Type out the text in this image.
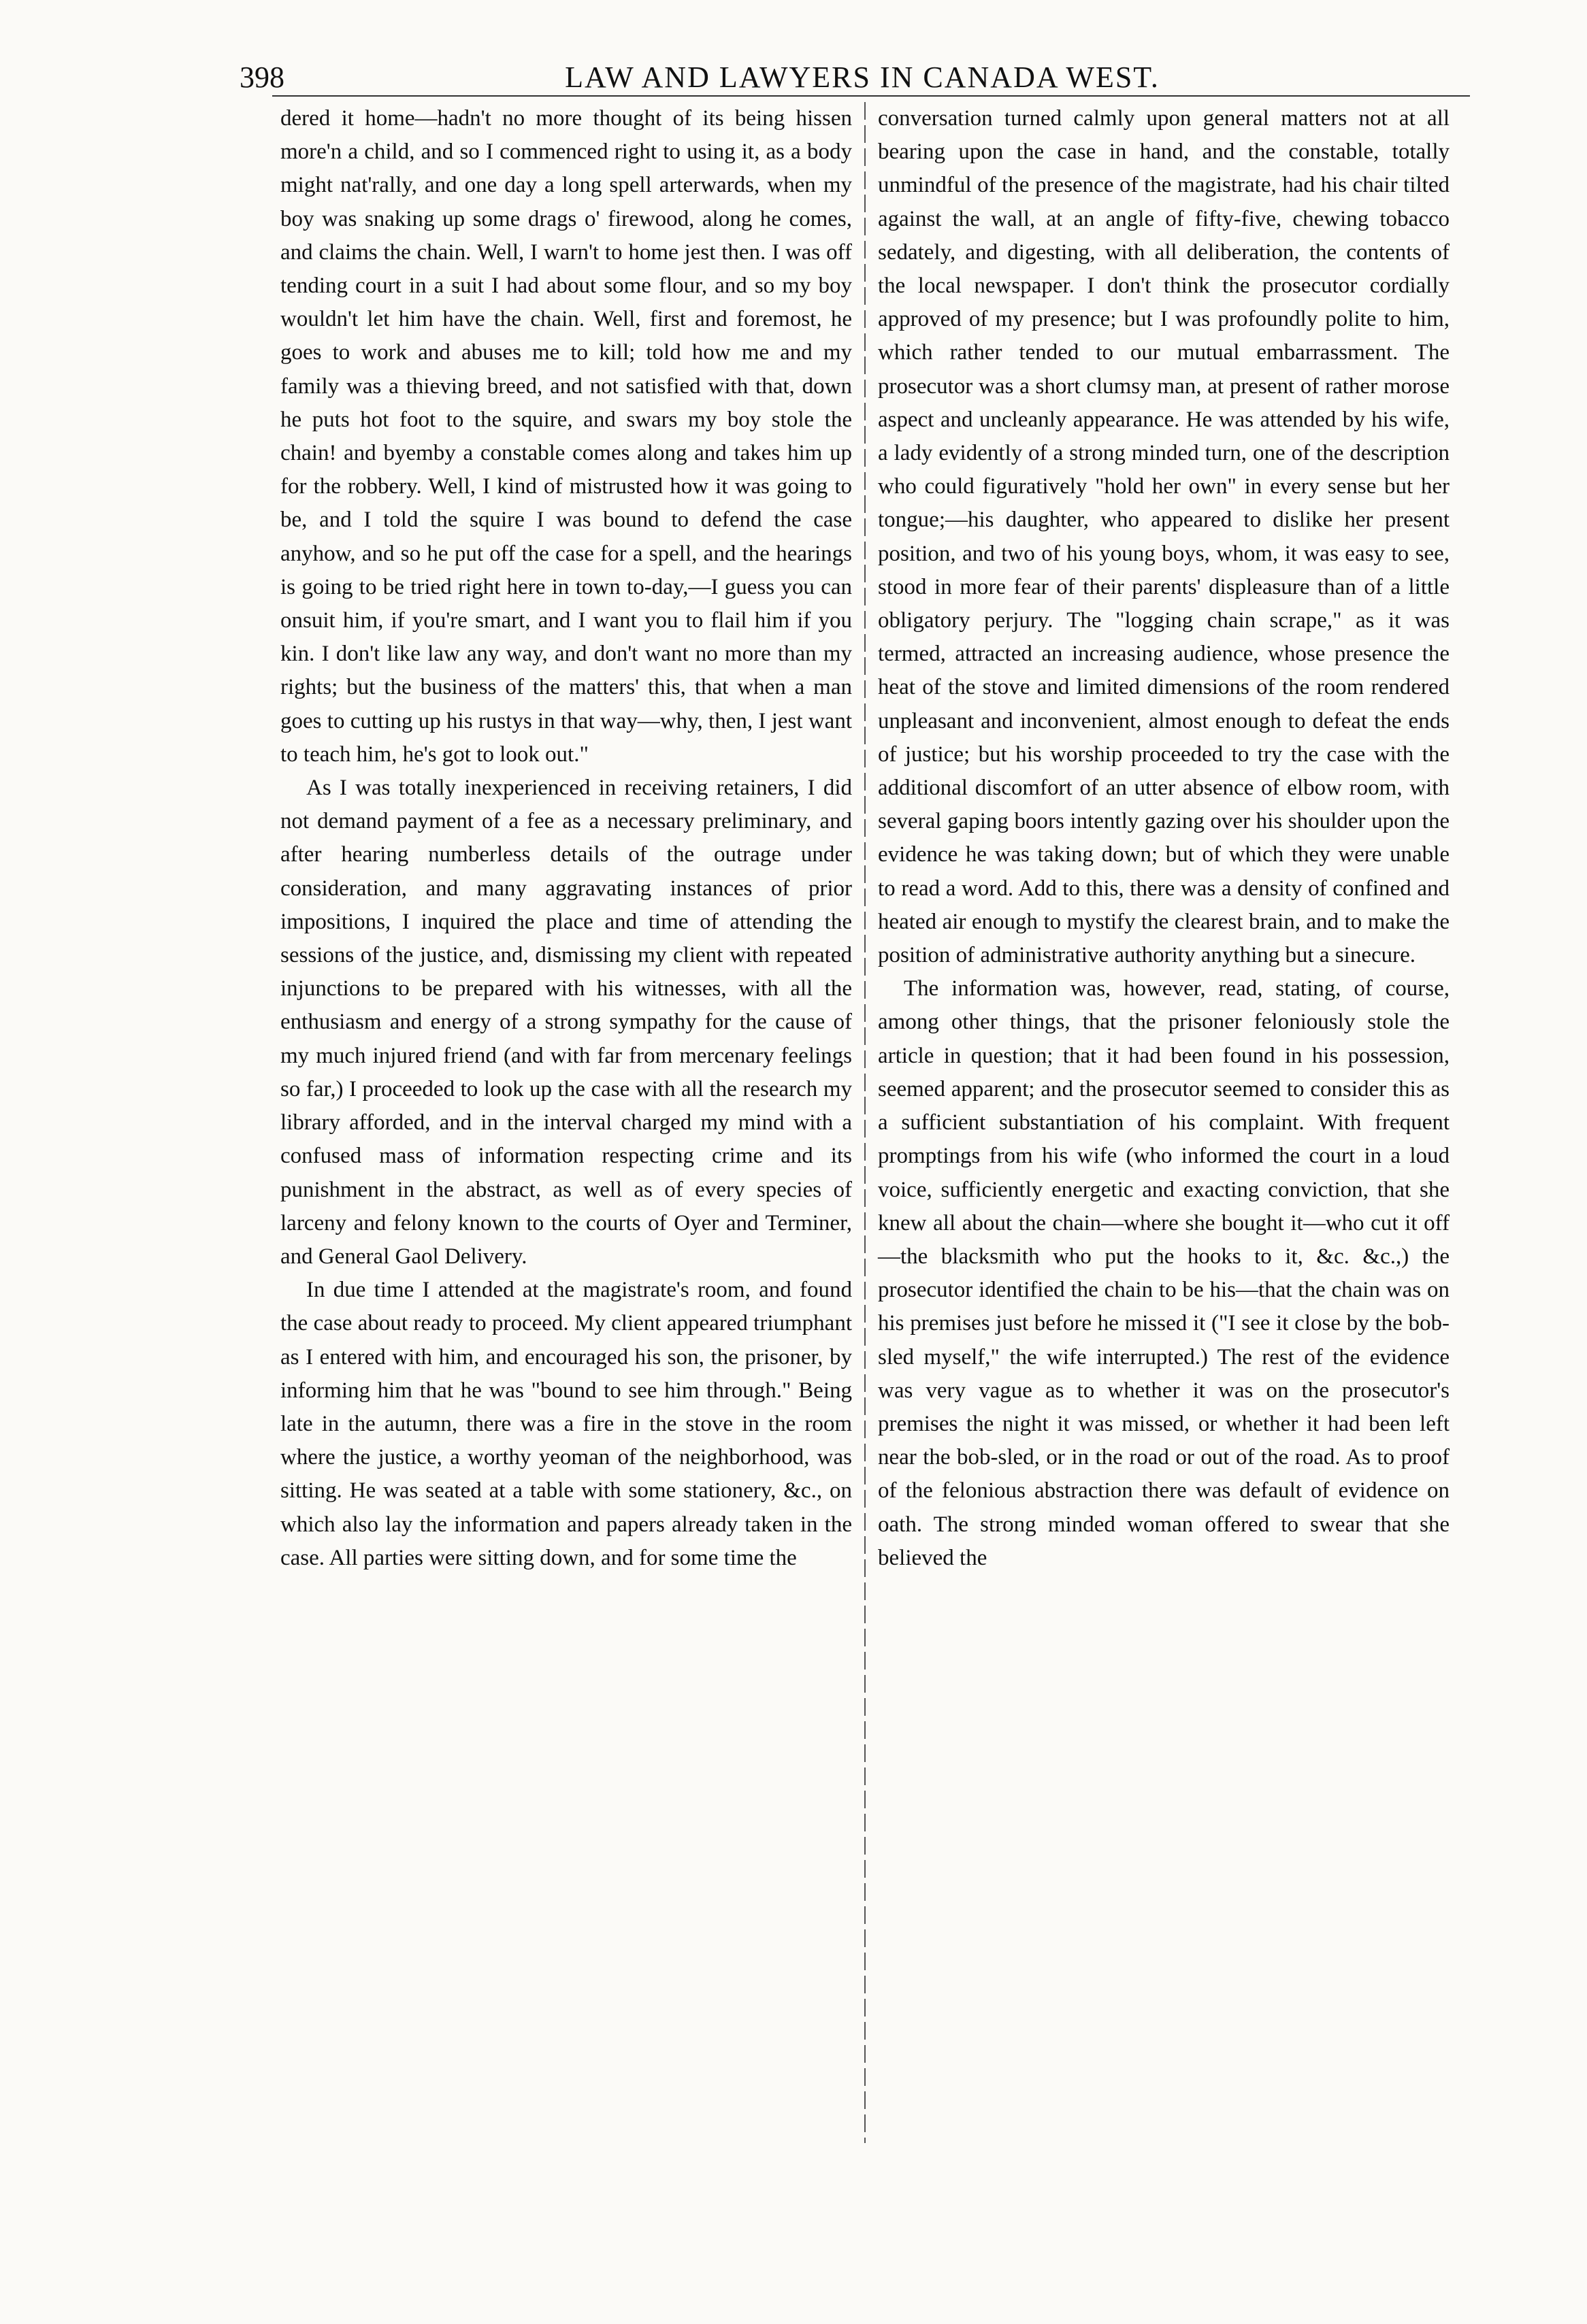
398	LAW AND LAWYERS IN CANADA WEST.

dered it home—hadn't no more thought of its being hissen more'n a child, and so I commenced right to using it, as a body might nat'rally, and one day a long spell arterwards, when my boy was snaking up some drags o' firewood, along he comes, and claims the chain. Well, I warn't to home jest then. I was off tending court in a suit I had about some flour, and so my boy wouldn't let him have the chain. Well, first and foremost, he goes to work and abuses me to kill; told how me and my family was a thieving breed, and not satisfied with that, down he puts hot foot to the squire, and swars my boy stole the chain! and byemby a constable comes along and takes him up for the robbery. Well, I kind of mistrusted how it was going to be, and I told the squire I was bound to defend the case anyhow, and so he put off the case for a spell, and the hearings is going to be tried right here in town to-day,—I guess you can onsuit him, if you're smart, and I want you to flail him if you kin. I don't like law any way, and don't want no more than my rights; but the business of the matters' this, that when a man goes to cutting up his rustys in that way—why, then, I jest want to teach him, he's got to look out."

As I was totally inexperienced in receiving retainers, I did not demand payment of a fee as a necessary preliminary, and after hearing numberless details of the outrage under consideration, and many aggravating instances of prior impositions, I inquired the place and time of attending the sessions of the justice, and, dismissing my client with repeated injunctions to be prepared with his witnesses, with all the enthusiasm and energy of a strong sympathy for the cause of my much injured friend (and with far from mercenary feelings so far,) I proceeded to look up the case with all the research my library afforded, and in the interval charged my mind with a confused mass of information respecting crime and its punishment in the abstract, as well as of every species of larceny and felony known to the courts of Oyer and Terminer, and General Gaol Delivery.

In due time I attended at the magistrate's room, and found the case about ready to proceed. My client appeared triumphant as I entered with him, and encouraged his son, the prisoner, by informing him that he was "bound to see him through." Being late in the autumn, there was a fire in the stove in the room where the justice, a worthy yeoman of the neighborhood, was sitting. He was seated at a table with some stationery, &c., on which also lay the information and papers already taken in the case. All parties were sitting down, and for some time the

conversation turned calmly upon general matters not at all bearing upon the case in hand, and the constable, totally unmindful of the presence of the magistrate, had his chair tilted against the wall, at an angle of fifty-five, chewing tobacco sedately, and digesting, with all deliberation, the contents of the local newspaper. I don't think the prosecutor cordially approved of my presence; but I was profoundly polite to him, which rather tended to our mutual embarrassment. The prosecutor was a short clumsy man, at present of rather morose aspect and uncleanly appearance. He was attended by his wife, a lady evidently of a strong minded turn, one of the description who could figuratively "hold her own" in every sense but her tongue;—his daughter, who appeared to dislike her present position, and two of his young boys, whom, it was easy to see, stood in more fear of their parents' displeasure than of a little obligatory perjury. The "logging chain scrape," as it was termed, attracted an increasing audience, whose presence the heat of the stove and limited dimensions of the room rendered unpleasant and inconvenient, almost enough to defeat the ends of justice; but his worship proceeded to try the case with the additional discomfort of an utter absence of elbow room, with several gaping boors intently gazing over his shoulder upon the evidence he was taking down; but of which they were unable to read a word. Add to this, there was a density of confined and heated air enough to mystify the clearest brain, and to make the position of administrative authority anything but a sinecure.

The information was, however, read, stating, of course, among other things, that the prisoner feloniously stole the article in question; that it had been found in his possession, seemed apparent; and the prosecutor seemed to consider this as a sufficient substantiation of his complaint. With frequent promptings from his wife (who informed the court in a loud voice, sufficiently energetic and exacting conviction, that she knew all about the chain—where she bought it—who cut it off—the blacksmith who put the hooks to it, &c. &c.,) the prosecutor identified the chain to be his—that the chain was on his premises just before he missed it ("I see it close by the bob-sled myself," the wife interrupted.) The rest of the evidence was very vague as to whether it was on the prosecutor's premises the night it was missed, or whether it had been left near the bob-sled, or in the road or out of the road. As to proof of the felonious abstraction there was default of evidence on oath. The strong minded woman offered to swear that she believed the
